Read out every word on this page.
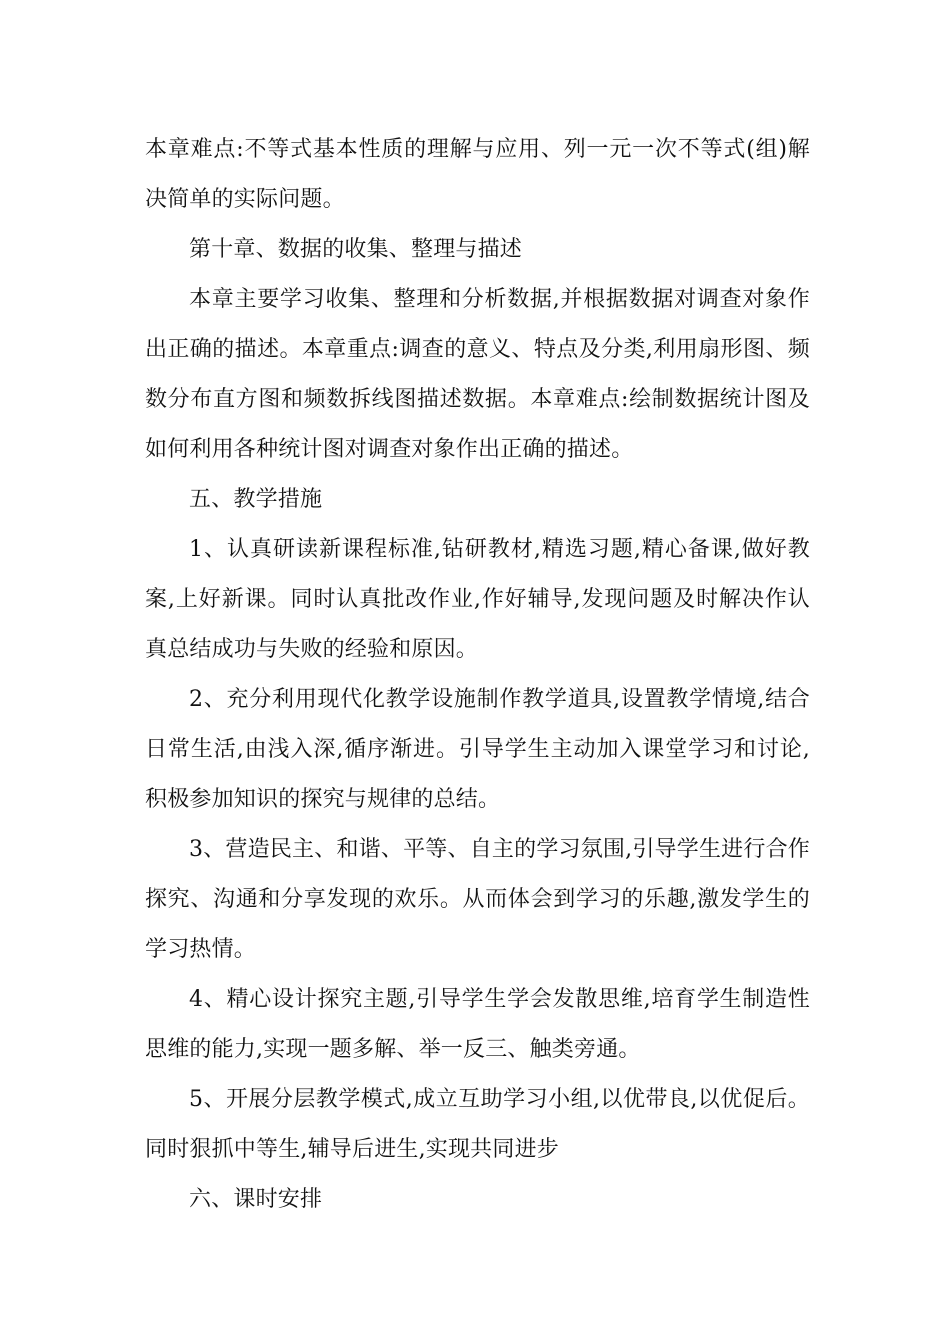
本章难点:不等式基本性质的理解与应用、列一元一次不等式(组)解决简单的实际问题。

第十章、数据的收集、整理与描述

本章主要学习收集、整理和分析数据,并根据数据对调查对象作出正确的描述。本章重点:调查的意义、特点及分类,利用扇形图、频数分布直方图和频数拆线图描述数据。本章难点:绘制数据统计图及如何利用各种统计图对调查对象作出正确的描述。

五、教学措施

1、认真研读新课程标准,钻研教材,精选习题,精心备课,做好教案,上好新课。同时认真批改作业,作好辅导,发现问题及时解决作认真总结成功与失败的经验和原因。

2、充分利用现代化教学设施制作教学道具,设置教学情境,结合日常生活,由浅入深,循序渐进。引导学生主动加入课堂学习和讨论,积极参加知识的探究与规律的总结。

3、营造民主、和谐、平等、自主的学习氛围,引导学生进行合作探究、沟通和分享发现的欢乐。从而体会到学习的乐趣,激发学生的学习热情。

4、精心设计探究主题,引导学生学会发散思维,培育学生制造性思维的能力,实现一题多解、举一反三、触类旁通。

5、开展分层教学模式,成立互助学习小组,以优带良,以优促后。同时狠抓中等生,辅导后进生,实现共同进步

六、课时安排
